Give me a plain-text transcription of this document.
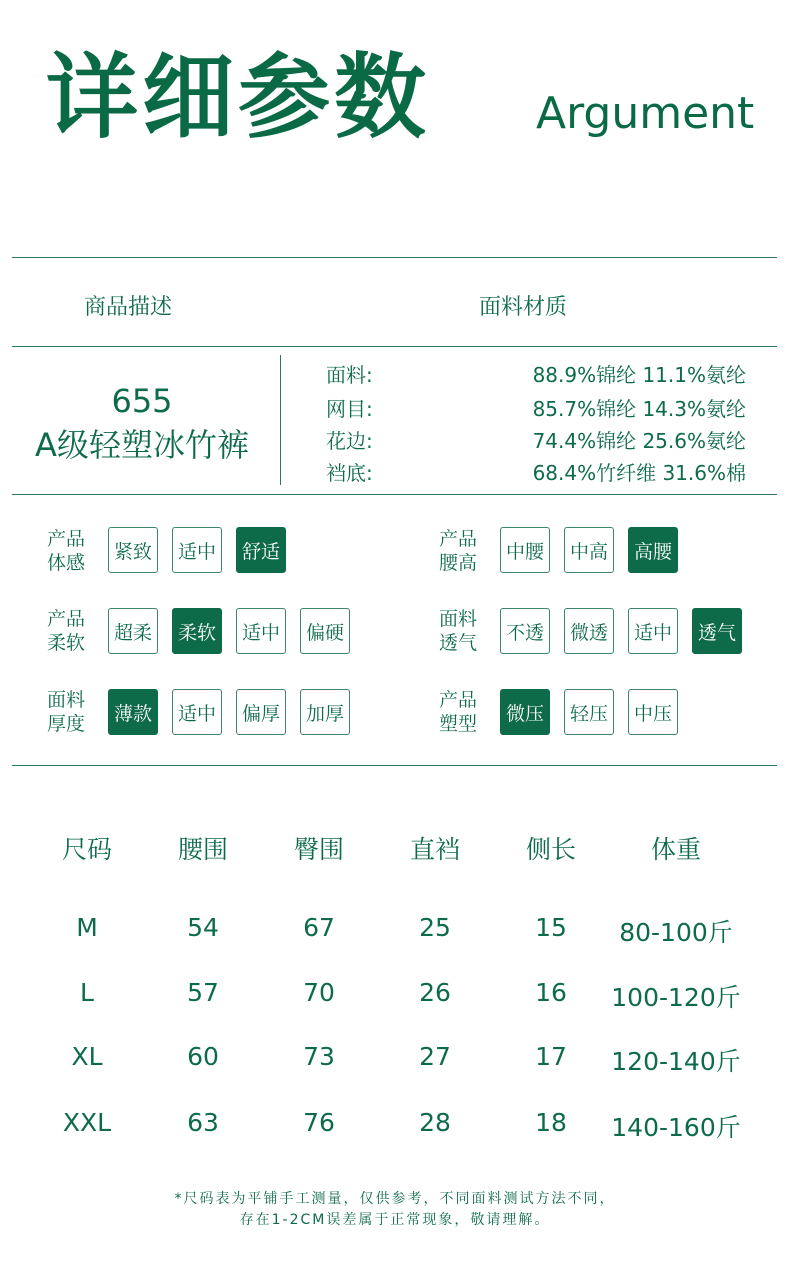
详细参数 Argument
商品描述	面料材质
655
A级轻塑冰竹裤
面料:	88.9%锦纶 11.1%氨纶
网目:	85.7%锦纶 14.3%氨纶
花边:	74.4%锦纶 25.6%氨纶
裆底:	68.4%竹纤维 31.6%棉
产品
体感
紧致	适中	舒适
产品
腰高
中腰	中高	高腰
产品
柔软	超柔	柔软	适中	偏硬
面料
透气	不透	微透	适中	透气
面料
厚度	薄款	适中	偏厚	加厚
产品
塑型	微压	轻压	中压
尺码	腰围	臀围	直裆	侧长	体重
M	54	67	25	15	80-100斤
L	57	70	26	16	100-120斤
XL	60	73	27	17	120-140斤
XXL	63	76	28	18	140-160斤
*尺码表为平铺手工测量，仅供参考，不同面料测试方法不同，
存在1-2CM误差属于正常现象，敬请理解。
